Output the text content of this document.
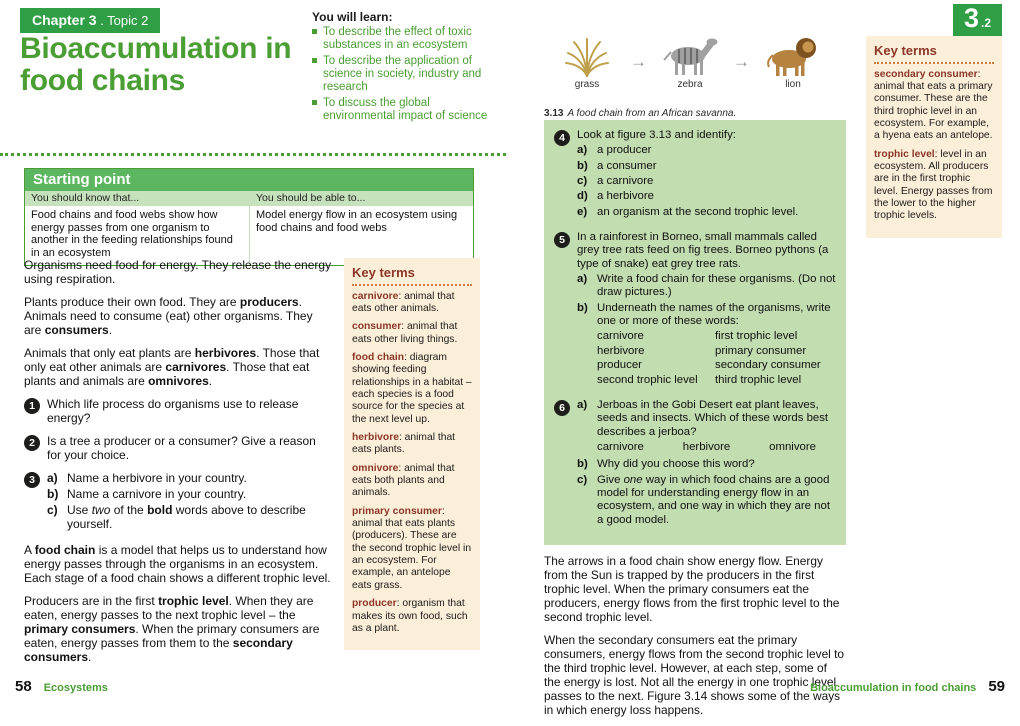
Chapter 3 . Topic 2
Bioaccumulation in food chains
You will learn:
To describe the effect of toxic substances in an ecosystem
To describe the application of science in society, industry and research
To discuss the global environmental impact of science
Starting point
You should know that...	You should be able to...
Food chains and food webs show how energy passes from one organism to another in the feeding relationships found in an ecosystem
Model energy flow in an ecosystem using food chains and food webs

Organisms need food for energy. They release the energy using respiration.

Plants produce their own food. They are producers. Animals need to consume (eat) other organisms. They are consumers.

Animals that only eat plants are herbivores. Those that only eat other animals are carnivores. Those that eat plants and animals are omnivores.

1	Which life process do organisms use to release energy?
2	Is a tree a producer or a consumer? Give a reason for your choice.
3	a) Name a herbivore in your country.
b) Name a carnivore in your country.
c) Use two of the bold words above to describe yourself.

A food chain is a model that helps us to understand how energy passes through the organisms in an ecosystem. Each stage of a food chain shows a different trophic level.

Producers are in the first trophic level. When they are eaten, energy passes to the next trophic level – the primary consumers. When the primary consumers are eaten, energy passes from them to the secondary consumers.

Key terms

carnivore: animal that eats other animals.

consumer: animal that eats other living things.

food chain: diagram showing feeding relationships in a habitat – each species is a food source for the species at the next level up.

herbivore: animal that eats plants.

omnivore: animal that eats both plants and animals.

primary consumer: animal that eats plants (producers). These are the second trophic level in an ecosystem. For example, an antelope eats grass.

producer: organism that makes its own food, such as a plant.

58 Ecosystems
3 .2
grass
→
zebra
→
lion
3.13 A food chain from an African savanna.
Key terms

secondary consumer: animal that eats a primary consumer. These are the third trophic level in an ecosystem. For example, a hyena eats an antelope.

trophic level: level in an ecosystem. All producers are in the first trophic level. Energy passes from the lower to the higher trophic levels.

4	Look at figure 3.13 and identify:
a) a producer
b) a consumer
c) a carnivore
d) a herbivore
e) an organism at the second trophic level.
5	In a rainforest in Borneo, small mammals called grey tree rats feed on fig trees. Borneo pythons (a type of snake) eat grey tree rats.
a) Write a food chain for these organisms. (Do not draw pictures.)
b) Underneath the names of the organisms, write one or more of these words:
carnivore	first trophic level
herbivore	primary consumer
producer	secondary consumer
second trophic level	third trophic level
6	a) Jerboas in the Gobi Desert eat plant leaves, seeds and insects. Which of these words best describes a jerboa?
carnivore	herbivore	omnivore
b) Why did you choose this word?
c) Give one way in which food chains are a good model for understanding energy flow in an ecosystem, and one way in which they are not a good model.

The arrows in a food chain show energy flow. Energy from the Sun is trapped by the producers in the first trophic level. When the primary consumers eat the producers, energy flows from the first trophic level to the second trophic level.

When the secondary consumers eat the primary consumers, energy flows from the second trophic level to the third trophic level. However, at each step, some of the energy is lost. Not all the energy in one trophic level passes to the next. Figure 3.14 shows some of the ways in which energy loss happens.

Bioaccumulation in food chains 59
